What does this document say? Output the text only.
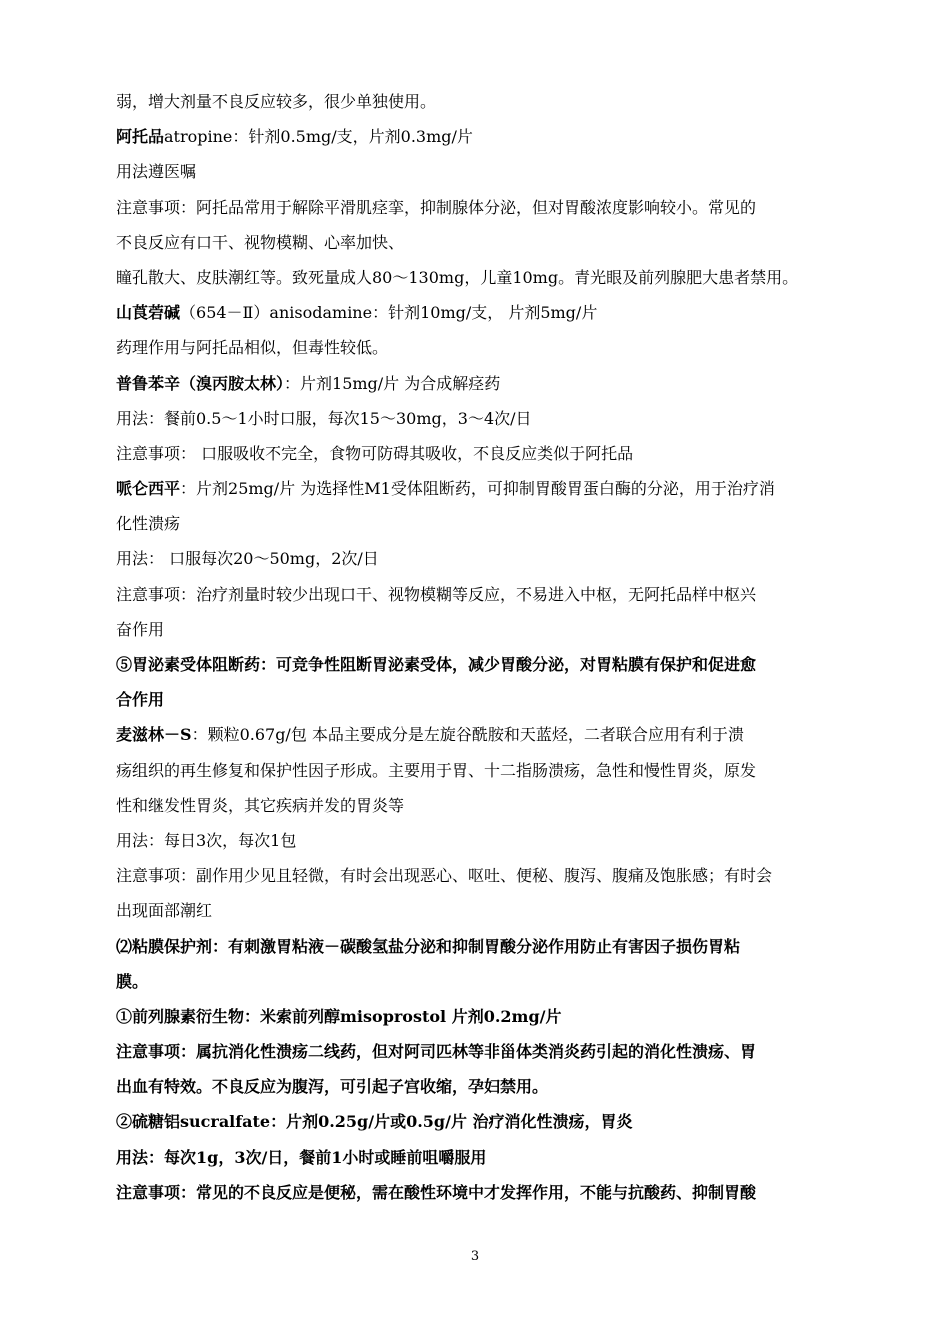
弱，增大剂量不良反应较多，很少单独使用。
阿托品atropine：针剂0.5mg/支，片剂0.3mg/片
用法遵医嘱
注意事项：阿托品常用于解除平滑肌痉挛，抑制腺体分泌，但对胃酸浓度影响较小。常见的
不良反应有口干、视物模糊、心率加快、
瞳孔散大、皮肤潮红等。致死量成人80～130mg，儿童10mg。青光眼及前列腺肥大患者禁用。
山莨菪碱（654－Ⅱ）anisodamine：针剂10mg/支， 片剂5mg/片
药理作用与阿托品相似，但毒性较低。
普鲁苯辛（溴丙胺太林）：片剂15mg/片 为合成解痉药
用法：餐前0.5～1小时口服，每次15～30mg，3～4次/日
注意事项： 口服吸收不完全，食物可防碍其吸收，不良反应类似于阿托品
哌仑西平：片剂25mg/片 为选择性M1受体阻断药，可抑制胃酸胃蛋白酶的分泌，用于治疗消
化性溃疡
用法： 口服每次20～50mg，2次/日
注意事项：治疗剂量时较少出现口干、视物模糊等反应，不易进入中枢，无阿托品样中枢兴
奋作用
⑤胃泌素受体阻断药：可竞争性阻断胃泌素受体，减少胃酸分泌，对胃粘膜有保护和促进愈
合作用
麦滋林－S：颗粒0.67g/包 本品主要成分是左旋谷酰胺和天蓝烃，二者联合应用有利于溃
疡组织的再生修复和保护性因子形成。主要用于胃、十二指肠溃疡，急性和慢性胃炎，原发
性和继发性胃炎，其它疾病并发的胃炎等
用法：每日3次，每次1包
注意事项：副作用少见且轻微，有时会出现恶心、呕吐、便秘、腹泻、腹痛及饱胀感；有时会
出现面部潮红
⑵粘膜保护剂：有刺激胃粘液－碳酸氢盐分泌和抑制胃酸分泌作用防止有害因子损伤胃粘
膜。
①前列腺素衍生物：米索前列醇misoprostol 片剂0.2mg/片
注意事项：属抗消化性溃疡二线药，但对阿司匹林等非甾体类消炎药引起的消化性溃疡、胃
出血有特效。不良反应为腹泻，可引起子宫收缩，孕妇禁用。
②硫糖铝sucralfate：片剂0.25g/片或0.5g/片 治疗消化性溃疡，胃炎
用法：每次1g，3次/日，餐前1小时或睡前咀嚼服用
注意事项：常见的不良反应是便秘，需在酸性环境中才发挥作用，不能与抗酸药、抑制胃酸
3
